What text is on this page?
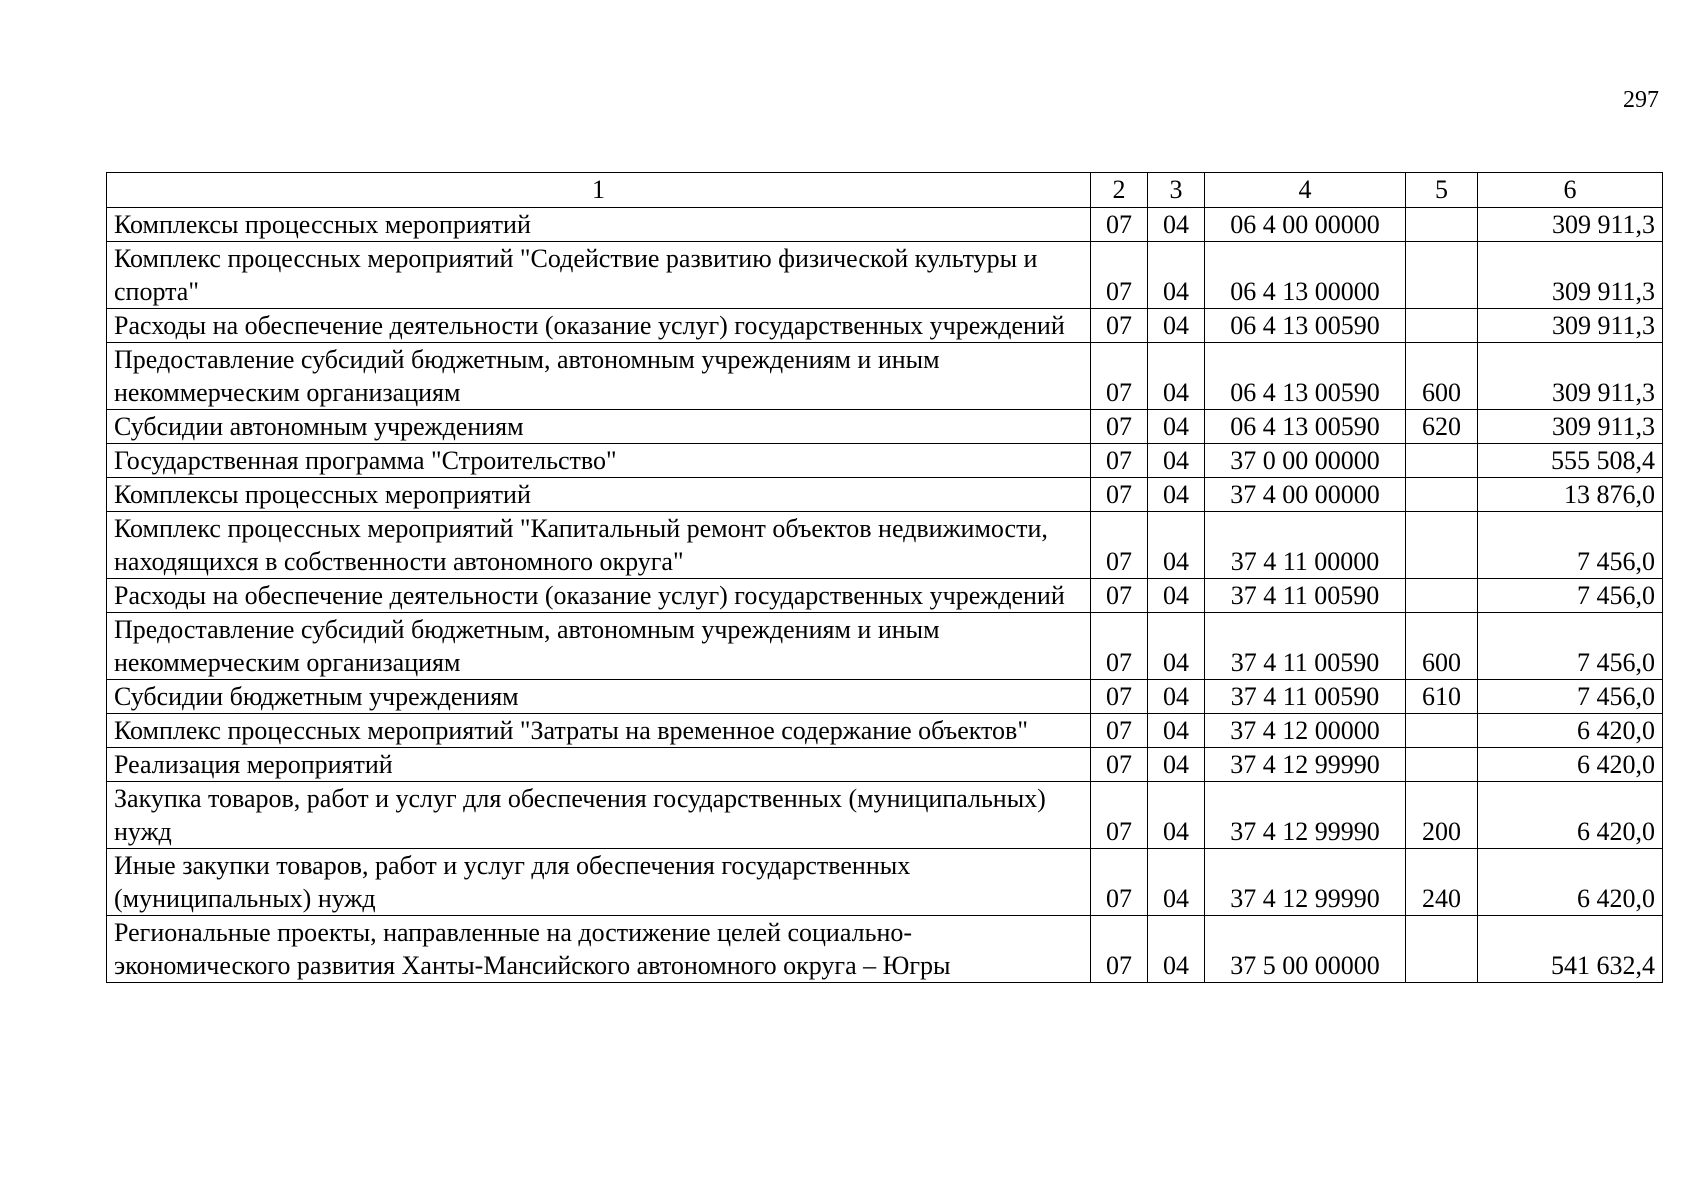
297
1	2	3	4	5	6
Комплексы процессных мероприятий	07	04	06 4 00 00000		309 911,3
Комплекс процессных мероприятий "Содействие развитию физической культуры и спорта"	07	04	06 4 13 00000		309 911,3
Расходы на обеспечение деятельности (оказание услуг) государственных учреждений	07	04	06 4 13 00590		309 911,3
Предоставление субсидий бюджетным, автономным учреждениям и иным некоммерческим организациям	07	04	06 4 13 00590	600	309 911,3
Субсидии автономным учреждениям	07	04	06 4 13 00590	620	309 911,3
Государственная программа "Строительство"	07	04	37 0 00 00000		555 508,4
Комплексы процессных мероприятий	07	04	37 4 00 00000		13 876,0
Комплекс процессных мероприятий "Капитальный ремонт объектов недвижимости, находящихся в собственности автономного округа"	07	04	37 4 11 00000		7 456,0
Расходы на обеспечение деятельности (оказание услуг) государственных учреждений	07	04	37 4 11 00590		7 456,0
Предоставление субсидий бюджетным, автономным учреждениям и иным некоммерческим организациям	07	04	37 4 11 00590	600	7 456,0
Субсидии бюджетным учреждениям	07	04	37 4 11 00590	610	7 456,0
Комплекс процессных мероприятий "Затраты на временное содержание объектов"	07	04	37 4 12 00000		6 420,0
Реализация мероприятий	07	04	37 4 12 99990		6 420,0
Закупка товаров, работ и услуг для обеспечения государственных (муниципальных) нужд	07	04	37 4 12 99990	200	6 420,0
Иные закупки товаров, работ и услуг для обеспечения государственных (муниципальных) нужд	07	04	37 4 12 99990	240	6 420,0
Региональные проекты, направленные на достижение целей социально-экономического развития Ханты-Мансийского автономного округа – Югры	07	04	37 5 00 00000		541 632,4
